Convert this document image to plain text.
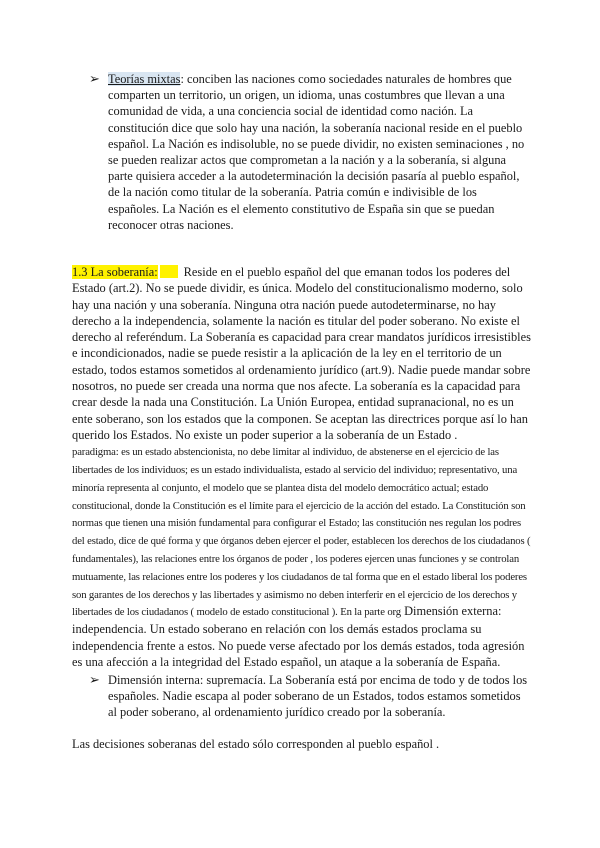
➢ Teorías mixtas: conciben las naciones como sociedades naturales de hombres que comparten un territorio, un origen, un idioma, unas costumbres que llevan a una comunidad de vida, a una conciencia social de identidad como nación. La constitución dice que solo hay una nación, la soberanía nacional reside en el pueblo español. La Nación es indisoluble, no se puede dividir, no existen seminaciones , no se pueden realizar actos que comprometan a la nación y a la soberanía, si alguna parte quisiera acceder a la autodeterminación la decisión pasaría al pueblo español, de la nación como titular de la soberanía. Patria común e indivisible de los españoles. La Nación es el elemento constitutivo de España sin que se puedan reconocer otras naciones.
1.3 La soberanía: Reside en el pueblo español del que emanan todos los poderes del Estado (art.2). No se puede dividir, es única. Modelo del constitucionalismo moderno, solo hay una nación y una soberanía. Ninguna otra nación puede autodeterminarse, no hay derecho a la independencia, solamente la nación es titular del poder soberano. No existe el derecho al referéndum. La Soberanía es capacidad para crear mandatos jurídicos irresistibles e incondicionados, nadie se puede resistir a la aplicación de la ley en el territorio de un estado, todos estamos sometidos al ordenamiento jurídico (art.9). Nadie puede mandar sobre nosotros, no puede ser creada una norma que nos afecte. La soberanía es la capacidad para crear desde la nada una Constitución. La Unión Europea, entidad supranacional, no es un ente soberano, son los estados que la componen. Se aceptan las directrices porque así lo han querido los Estados. No existe un poder superior a la soberanía de un Estado .
paradigma: es un estado abstencionista, no debe limitar al individuo, de abstenerse en el ejercicio de las libertades de los individuos; es un estado individualista, estado al servicio del individuo; representativo, una minoría representa al conjunto, el modelo que se plantea dista del modelo democrático actual; estado constitucional, donde la Constitución es el límite para el ejercicio de la acción del estado. La Constitución son normas que tienen una misión fundamental para configurar el Estado; las constitución nes regulan los podres del estado, dice de qué forma y que órganos deben ejercer el poder, establecen los derechos de los ciudadanos ( fundamentales), las relaciones entre los órganos de poder , los poderes ejercen unas funciones y se controlan mutuamente, las relaciones entre los poderes y los ciudadanos de tal forma que en el estado liberal los poderes son garantes de los derechos y las libertades y asimismo no deben interferir en el ejercicio de los derechos y libertades de los ciudadanos ( modelo de estado constitucional ). En la parte org Dimensión externa: independencia. Un estado soberano en relación con los demás estados proclama su independencia frente a estos. No puede verse afectado por los demás estados, toda agresión es una afección a la integridad del Estado español, un ataque a la soberanía de España.
➢ Dimensión interna: supremacía. La Soberanía está por encima de todo y de todos los españoles. Nadie escapa al poder soberano de un Estados, todos estamos sometidos al poder soberano, al ordenamiento jurídico creado por la soberanía.
Las decisiones soberanas del estado sólo corresponden al pueblo español .
